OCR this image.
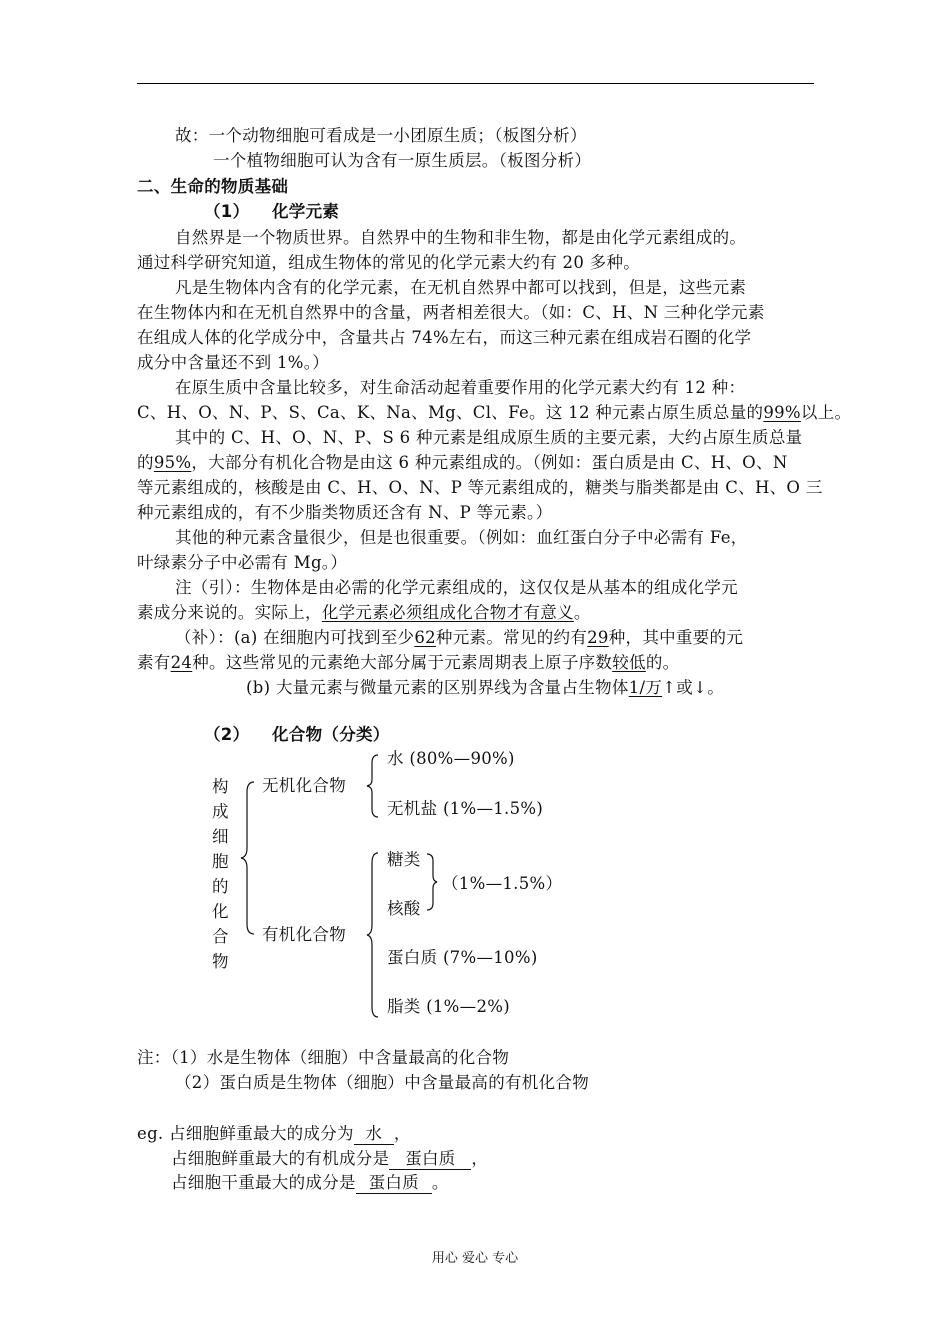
故：一个动物细胞可看成是一小团原生质；（板图分析）
一个植物细胞可认为含有一原生质层。（板图分析）
二、生命的物质基础
（1） 化学元素
自然界是一个物质世界。自然界中的生物和非生物，都是由化学元素组成的。
通过科学研究知道，组成生物体的常见的化学元素大约有 20 多种。
凡是生物体内含有的化学元素，在无机自然界中都可以找到，但是，这些元素
在生物体内和在无机自然界中的含量，两者相差很大。（如：C、H、N 三种化学元素
在组成人体的化学成分中，含量共占 74%左右，而这三种元素在组成岩石圈的化学
成分中含量还不到 1%。）
在原生质中含量比较多，对生命活动起着重要作用的化学元素大约有 12 种：
C、H、O、N、P、S、Ca、K、Na、Mg、Cl、Fe。这 12 种元素占原生质总量的99%以上。
其中的 C、H、O、N、P、S 6 种元素是组成原生质的主要元素，大约占原生质总量
的95%，大部分有机化合物是由这 6 种元素组成的。（例如：蛋白质是由 C、H、O、N
等元素组成的，核酸是由 C、H、O、N、P 等元素组成的，糖类与脂类都是由 C、H、O 三
种元素组成的，有不少脂类物质还含有 N、P 等元素。）
其他的种元素含量很少，但是也很重要。（例如：血红蛋白分子中必需有 Fe，
叶绿素分子中必需有 Mg。）
注（引）：生物体是由必需的化学元素组成的，这仅仅是从基本的组成化学元
素成分来说的。实际上，化学元素必须组成化合物才有意义。
（补）：(a) 在细胞内可找到至少62种元素。常见的约有29种，其中重要的元
素有24种。这些常见的元素绝大部分属于元素周期表上原子序数较低的。
(b) 大量元素与微量元素的区别界线为含量占生物体1/万↑或↓。
（2） 化合物（分类）
构
成
细
胞
的
化
合
物
无机化合物
有机化合物
水 (80%—90%)
无机盐 (1%—1.5%)
糖类
核酸
（1%—1.5%）
蛋白质 (7%—10%)
脂类 (1%—2%)
注：（1）水是生物体（细胞）中含量最高的化合物
（2）蛋白质是生物体（细胞）中含量最高的有机化合物
eg. 占细胞鲜重最大的成分为 水 ，
占细胞鲜重最大的有机成分是 蛋白质 ，
占细胞干重最大的成分是 蛋白质 。
用心 爱心 专心
